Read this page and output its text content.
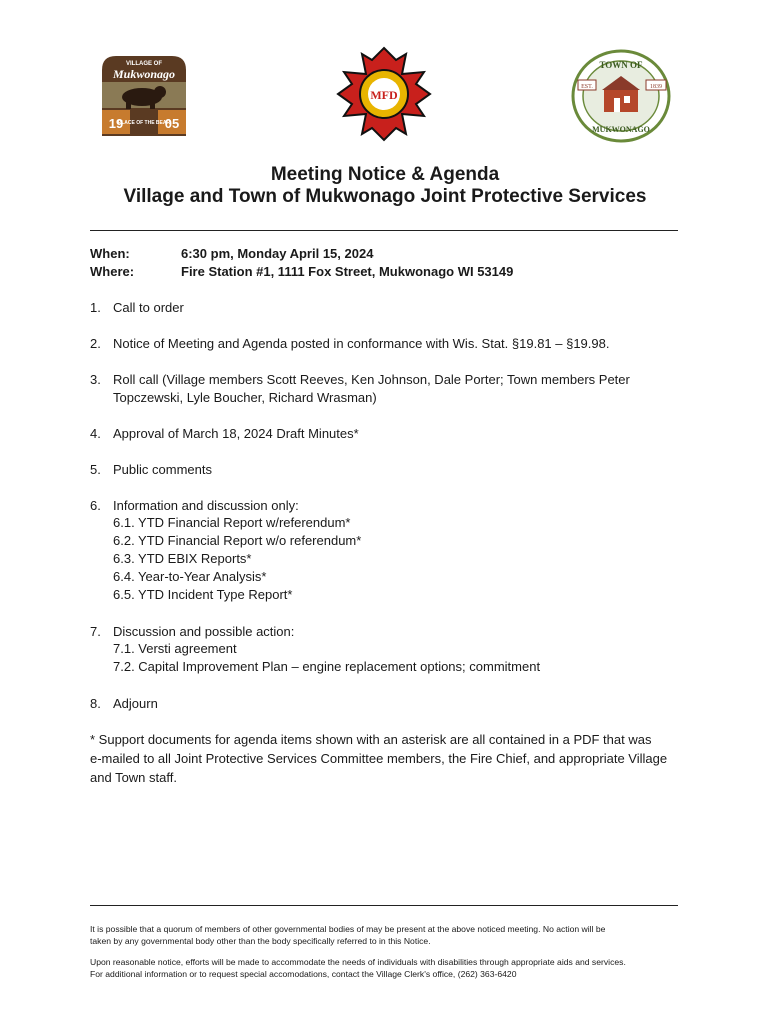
VILLAGE OF
Mukwonago
19	05
PLACE OF THE BEAR
MFD
TOWN OF
MUKWONAGO
EST.	1839
Meeting Notice & Agenda
Village and Town of Mukwonago Joint Protective Services
When:	6:30 pm, Monday April 15, 2024
Where:	Fire Station #1, 1111 Fox Street, Mukwonago WI 53149
1. Call to order
2. Notice of Meeting and Agenda posted in conformance with Wis. Stat. §19.81 – §19.98.
3. Roll call (Village members Scott Reeves, Ken Johnson, Dale Porter; Town members Peter
Topczewski, Lyle Boucher, Richard Wrasman)
4. Approval of March 18, 2024 Draft Minutes*
5. Public comments
6. Information and discussion only:
6.1. YTD Financial Report w/referendum*
6.2. YTD Financial Report w/o referendum*
6.3. YTD EBIX Reports*
6.4. Year-to-Year Analysis*
6.5. YTD Incident Type Report*
7. Discussion and possible action:
7.1. Versti agreement
7.2. Capital Improvement Plan – engine replacement options; commitment
8. Adjourn
* Support documents for agenda items shown with an asterisk are all contained in a PDF that was
e-mailed to all Joint Protective Services Committee members, the Fire Chief, and appropriate Village
and Town staff.
It is possible that a quorum of members of other governmental bodies of may be present at the above noticed meeting. No action will be
taken by any governmental body other than the body specifically referred to in this Notice.
Upon reasonable notice, efforts will be made to accommodate the needs of individuals with disabilities through appropriate aids and services.
For additional information or to request special accomodations, contact the Village Clerk's office, (262) 363-6420
